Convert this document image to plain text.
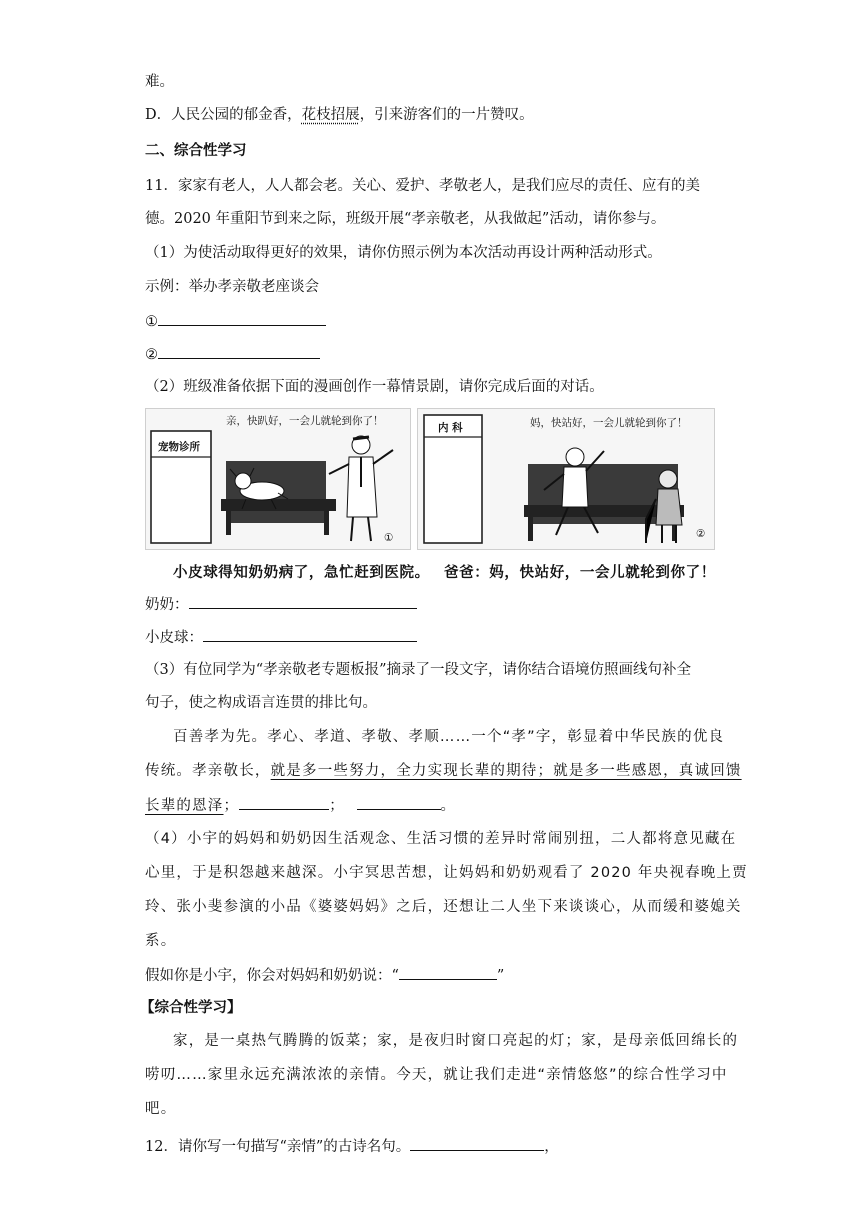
难。
D．人民公园的郁金香，花枝招展，引来游客们的一片赞叹。
二、综合性学习
11．家家有老人，人人都会老。关心、爱护、孝敬老人，是我们应尽的责任、应有的美
德。2020 年重阳节到来之际，班级开展“孝亲敬老，从我做起”活动，请你参与。
（1）为使活动取得更好的效果，请你仿照示例为本次活动再设计两种活动形式。
示例：举办孝亲敬老座谈会
①
②
（2）班级准备依据下面的漫画创作一幕情景剧，请你完成后面的对话。
宠物诊所
亲，快趴好，一会儿就轮到你了！
①
内 科	妈，快站好，一会儿就轮到你了！
②
小皮球得知奶奶病了，急忙赶到医院。 爸爸：妈，快站好，一会儿就轮到你了！
奶奶：
小皮球：
（3）有位同学为“孝亲敬老专题板报”摘录了一段文字，请你结合语境仿照画线句补全
句子，使之构成语言连贯的排比句。
百善孝为先。孝心、孝道、孝敬、孝顺……一个“孝”字，彰显着中华民族的优良
传统。孝亲敬长，就是多一些努力，全力实现长辈的期待；就是多一些感恩，真诚回馈
长辈的恩泽；	；	。
（4）小宇的妈妈和奶奶因生活观念、生活习惯的差异时常闹别扭，二人都将意见藏在
心里，于是积怨越来越深。小宇冥思苦想，让妈妈和奶奶观看了 2020 年央视春晚上贾
玲、张小斐参演的小品《婆婆妈妈》之后，还想让二人坐下来谈谈心，从而缓和婆媳关
系。
假如你是小宇，你会对妈妈和奶奶说：“	”
【综合性学习】
家，是一桌热气腾腾的饭菜；家，是夜归时窗口亮起的灯；家，是母亲低回绵长的
唠叨……家里永远充满浓浓的亲情。今天，就让我们走进“亲情悠悠”的综合性学习中
吧。
12．请你写一句描写“亲情”的古诗名句。	，
